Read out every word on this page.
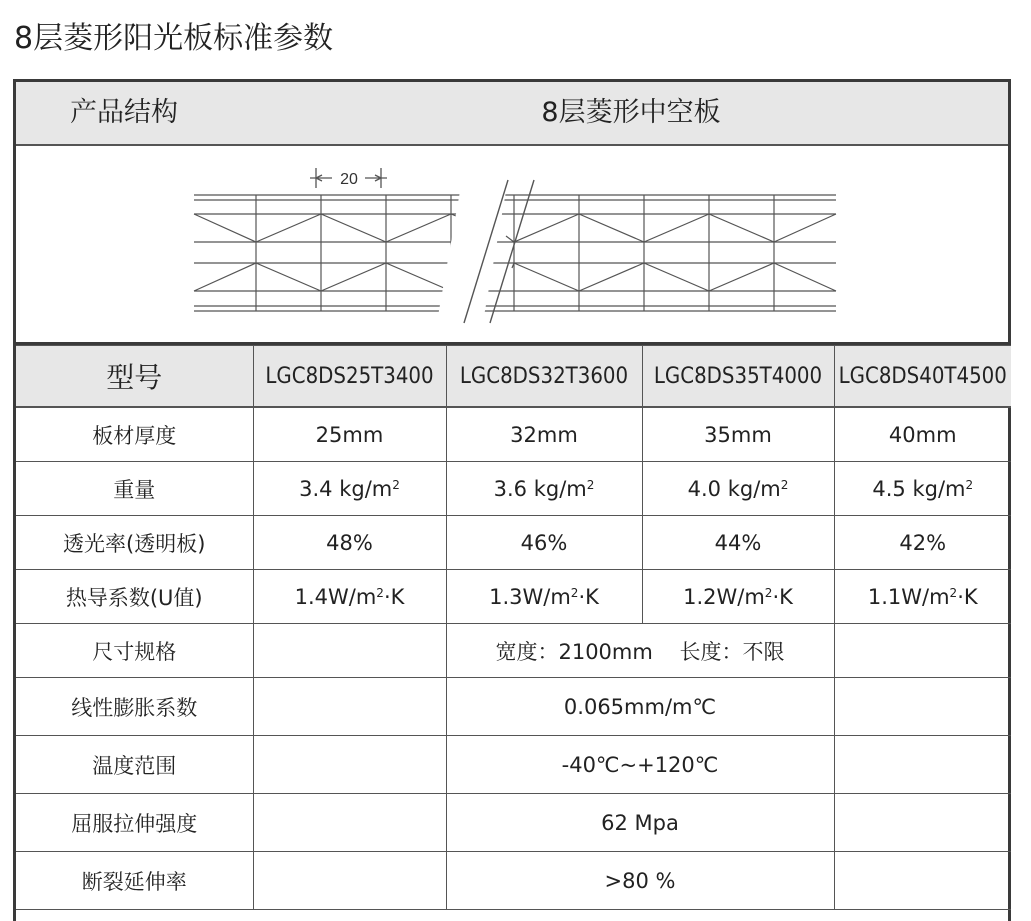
8层菱形阳光板标准参数
产品结构	8层菱形中空板
20
型号	LGC8DS25T3400	LGC8DS32T3600	LGC8DS35T4000	LGC8DS40T4500
板材厚度	25mm	32mm	35mm	40mm
重量	3.4 $kg/m^2$	3.6 $kg/m^2$	4.0 $kg/m^2$	4.5 $kg/m^2$
透光率(透明板)	48%	46%	44%	42%
热导系数(U值)	$1.4W/m^2\cdot K$	$1.3W/m^2\cdot K$	$1.2W/m^2\cdot K$	$1.1W/m^2\cdot K$
尺寸规格		宽度：2100mm    长度：不限		
线性膨胀系数		0.065mm/m℃		
温度范围		-40℃~+120℃		
屈服拉伸强度		62 Mpa		
断裂延伸率		>80 %		
